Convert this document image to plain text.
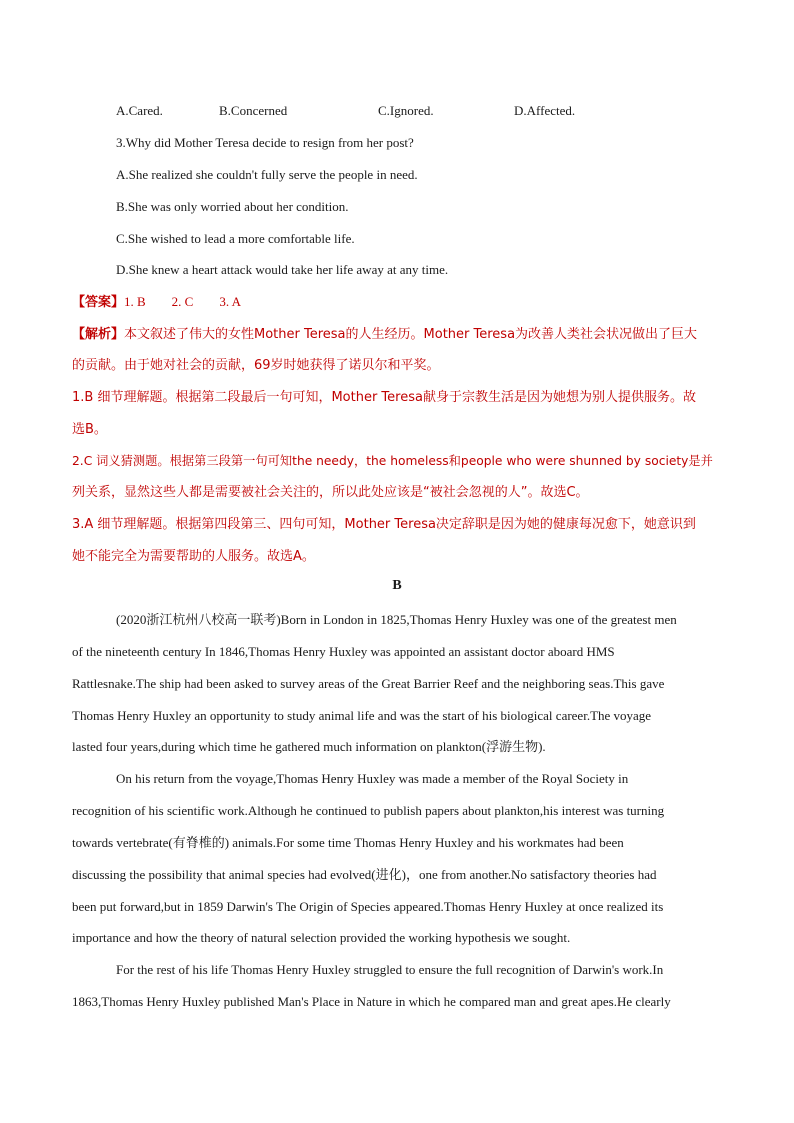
A.Cared.	B.Concerned	C.Ignored.	D.Affected.
3.Why did Mother Teresa decide to resign from her post?
A.She realized she couldn't fully serve the people in need.
B.She was only worried about her condition.
C.She wished to lead a more comfortable life.
D.She knew a heart attack would take her life away at any time.
【答案】1. B　　2. C　　3. A
【解析】本文叙述了伟大的女性Mother Teresa的人生经历。Mother Teresa为改善人类社会状况做出了巨大
的贡献。由于她对社会的贡献，69岁时她获得了诺贝尔和平奖。
1.B 细节理解题。根据第二段最后一句可知，Mother Teresa献身于宗教生活是因为她想为别人提供服务。故
选B。
2.C 词义猜测题。根据第三段第一句可知the needy，the homeless和people who were shunned by society是并
列关系，显然这些人都是需要被社会关注的，所以此处应该是“被社会忽视的人”。故选C。
3.A 细节理解题。根据第四段第三、四句可知，Mother Teresa决定辞职是因为她的健康每况愈下，她意识到
她不能完全为需要帮助的人服务。故选A。
B
(2020浙江杭州八校高一联考)Born in London in 1825,Thomas Henry Huxley was one of the greatest men
of the nineteenth century In 1846,Thomas Henry Huxley was appointed an assistant doctor aboard HMS
Rattlesnake.The ship had been asked to survey areas of the Great Barrier Reef and the neighboring seas.This gave
Thomas Henry Huxley an opportunity to study animal life and was the start of his biological career.The voyage
lasted four years,during which time he gathered much information on plankton(浮游生物).
On his return from the voyage,Thomas Henry Huxley was made a member of the Royal Society in
recognition of his scientific work.Although he continued to publish papers about plankton,his interest was turning
towards vertebrate(有脊椎的) animals.For some time Thomas Henry Huxley and his workmates had been
discussing the possibility that animal species had evolved(进化)，one from another.No satisfactory theories had
been put forward,but in 1859 Darwin's The Origin of Species appeared.Thomas Henry Huxley at once realized its
importance and how the theory of natural selection provided the working hypothesis we sought.
For the rest of his life Thomas Henry Huxley struggled to ensure the full recognition of Darwin's work.In
1863,Thomas Henry Huxley published Man's Place in Nature in which he compared man and great apes.He clearly
